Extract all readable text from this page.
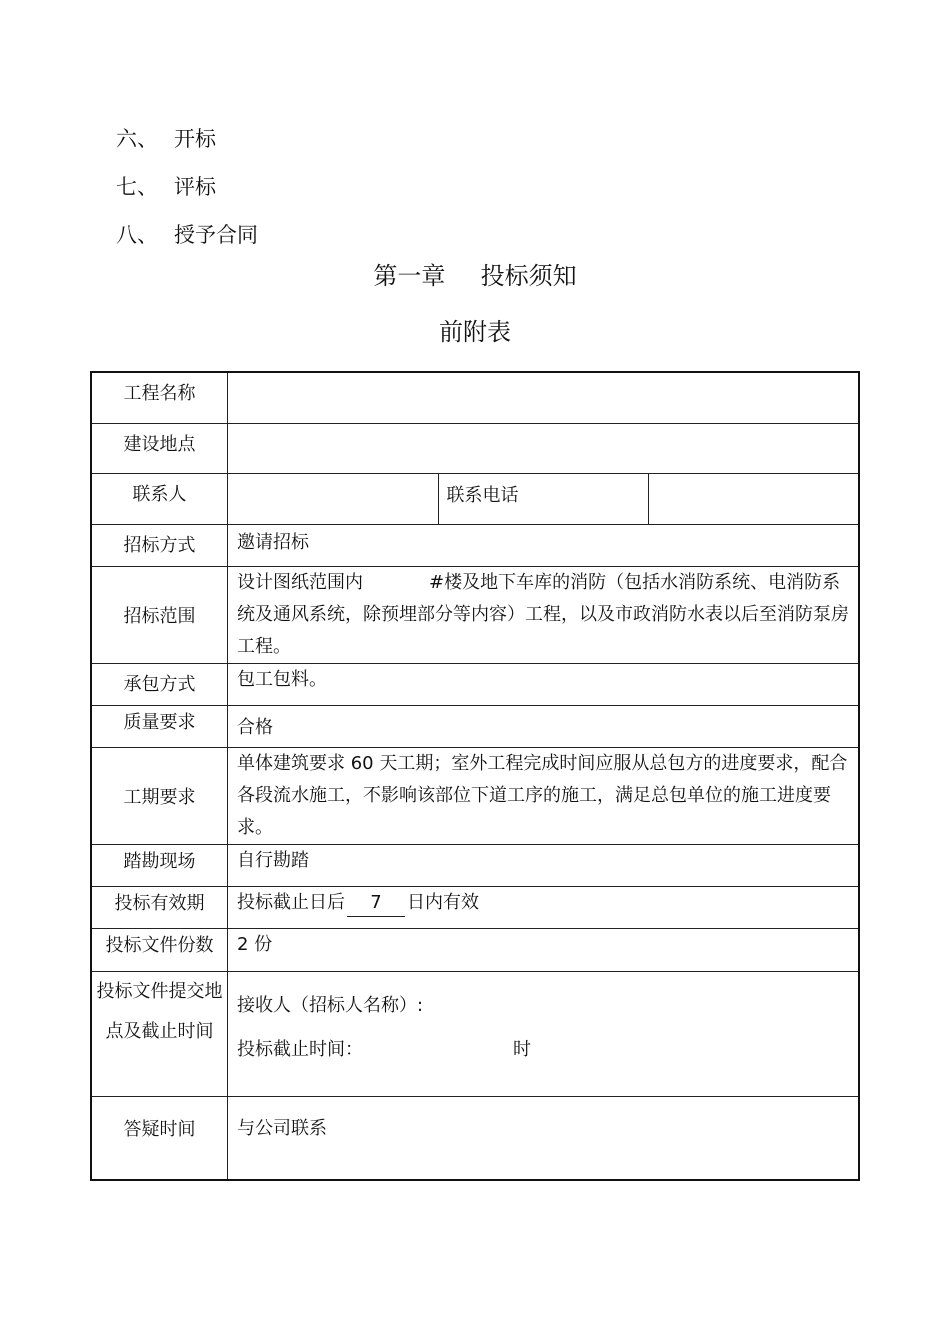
六、 开标
七、 评标
八、 授予合同
第一章 投标须知
前附表
工程名称			
建设地点			
联系人		联系电话	
招标方式	邀请招标		
招标范围	设计图纸范围内 #楼及地下车库的消防（包括水消防系统、电消防系统及通风系统，除预埋部分等内容）工程，以及市政消防水表以后至消防泵房工程。		
承包方式	包工包料。		
质量要求	合格		
工期要求	单体建筑要求 60 天工期；室外工程完成时间应服从总包方的进度要求，配合各段流水施工，不影响该部位下道工序的施工，满足总包单位的施工进度要求。		
踏勘现场	自行勘踏		
投标有效期	投标截止日后 7 日内有效		
投标文件份数	2 份		
投标文件提交地点及截止时间	接收人（招标人名称）:
投标截止时间： 时		

答疑时间	与公司联系		
